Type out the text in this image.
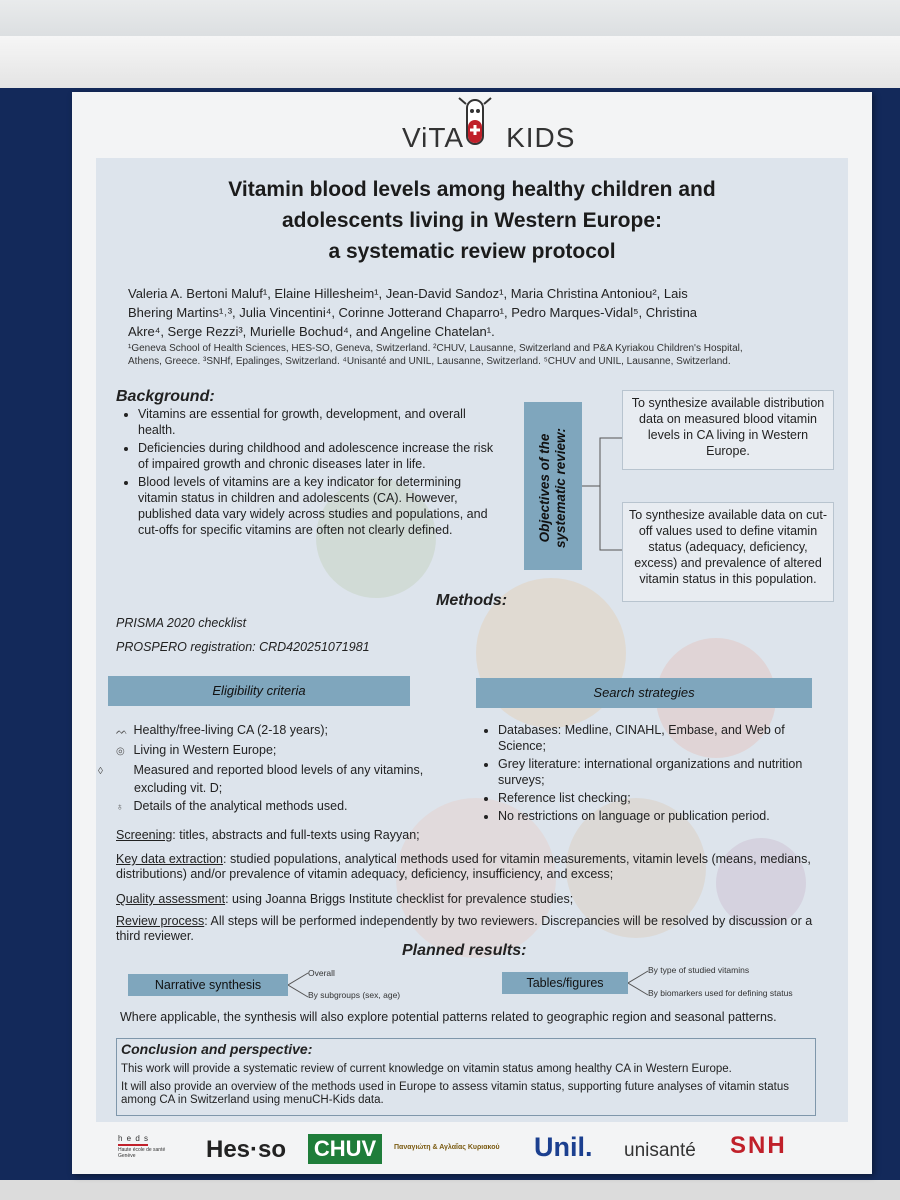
ViTA KIDS
Vitamin blood levels among healthy children and
adolescents living in Western Europe:
a systematic review protocol
Valeria A. Bertoni Maluf¹, Elaine Hillesheim¹, Jean-David Sandoz¹, Maria Christina Antoniou², Lais
Bhering Martins¹˒³, Julia Vincentini⁴, Corinne Jotterand Chaparro¹, Pedro Marques-Vidal⁵, Christina
Akre⁴, Serge Rezzi³, Murielle Bochud⁴, and Angeline Chatelan¹.
¹Geneva School of Health Sciences, HES-SO, Geneva, Switzerland. ²CHUV, Lausanne, Switzerland and P&A Kyriakou Children's Hospital,
Athens, Greece. ³SNHf, Epalinges, Switzerland. ⁴Unisanté and UNIL, Lausanne, Switzerland. ⁵CHUV and UNIL, Lausanne, Switzerland.
Background:
• Vitamins are essential for growth, development, and overall health.
• Deficiencies during childhood and adolescence increase the risk of impaired growth and chronic diseases later in life.
• Blood levels of vitamins are a key indicator for determining vitamin status in children and adolescents (CA). However, published data vary widely across studies and populations, and cut-offs for specific vitamins are often not clearly defined.	Objectives of the systematic review:
To synthesize available distribution data on measured blood vitamin levels in CA living in Western Europe.
To synthesize available data on cut-off values used to define vitamin status (adequacy, deficiency, excess) and prevalence of altered vitamin status in this population.
Methods:
PRISMA 2020 checklist
PROSPERO registration: CRD420251071981
Eligibility criteria	Search strategies
ᨓ Healthy/free-living CA (2-18 years);
◎ Living in Western Europe;
◊ Measured and reported blood levels of any vitamins, excluding vit. D;
♁ Details of the analytical methods used.
• Databases: Medline, CINAHL, Embase, and Web of Science;
• Grey literature: international organizations and nutrition surveys;
• Reference list checking;
• No restrictions on language or publication period.
Screening: titles, abstracts and full-texts using Rayyan;
Key data extraction: studied populations, analytical methods used for vitamin measurements, vitamin levels (means, medians, distributions) and/or prevalence of vitamin adequacy, deficiency, insufficiency, and excess;
Quality assessment: using Joanna Briggs Institute checklist for prevalence studies;
Review process: All steps will be performed independently by two reviewers. Discrepancies will be resolved by discussion or a third reviewer.
Planned results:
Narrative synthesis
Overall
By subgroups (sex, age)
Tables/figures
By type of studied vitamins
By biomarkers used for defining status
Where applicable, the synthesis will also explore potential patterns related to geographic region and seasonal patterns.
Conclusion and perspective:
This work will provide a systematic review of current knowledge on vitamin status among healthy CA in Western Europe.
It will also provide an overview of the methods used in Europe to assess vitamin status, supporting future analyses of vitamin status among CA in Switzerland using menuCH-Kids data.
h e d s
Haute école de santé
Genève	Hes·so CHUV	Παναγιώτη & Αγλαΐας Κυριακού	Unil. unisanté SNH
